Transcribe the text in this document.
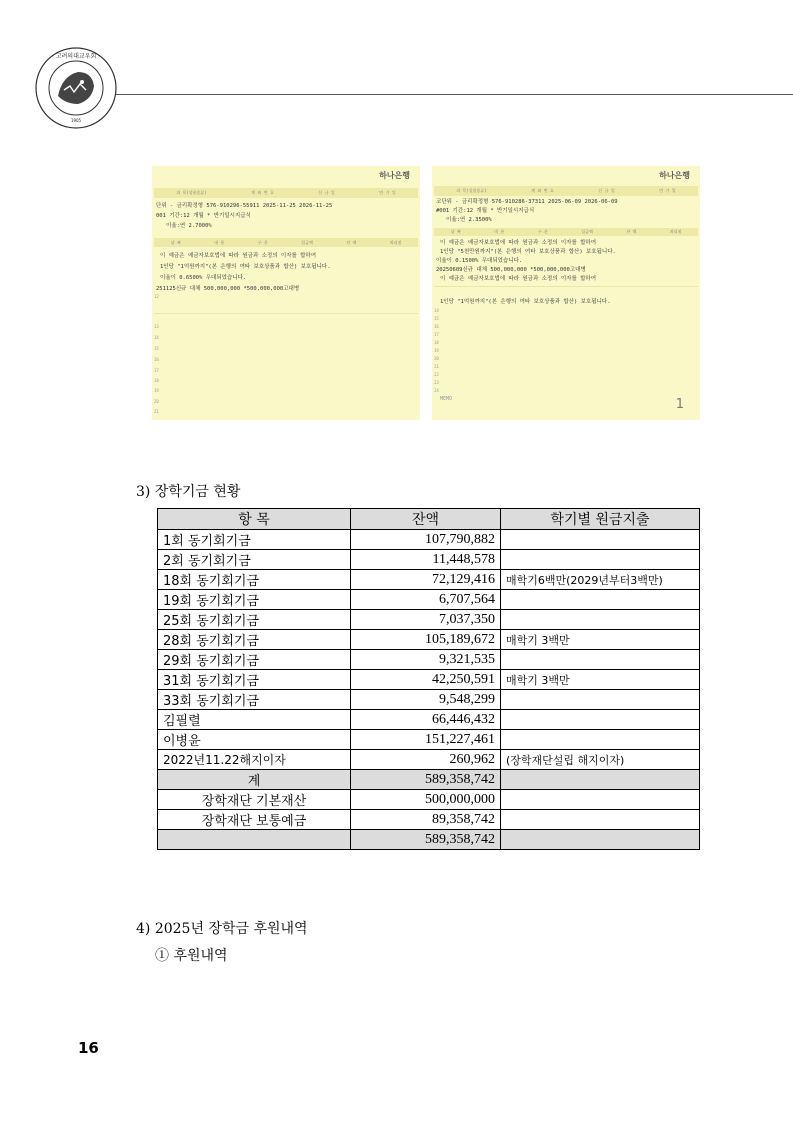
고려의대교우회
1905
하나은행
과 목(상품종류)	계 좌 번 호	신 규 일	만 기 일
단위 - 금리확정형 576-910296-55911 2025-11-25 2026-11-25
001 기간:12 개월 * 반기일시지급식
이율:연 2.7000%
날 짜	내 용	구 분	입금액	잔 액	처리점
이 예금은 예금자보호법에 따라 원금과 소정의 이자를 합하여
1인당 "1억원까지"(본 은행의 여타 보호상품과 합산) 보호됩니다.
이율이 0.6500% 우대되었습니다.
251125신규 대체 500,000,000 *500,000,000고대병
12
13
14
15
16
17
18
19
20
21
하나은행
과 목(상품종류)	계 좌 번 호	신 규 일	만 기 일
코단위 - 금리확정형 576-910286-37311 2025-06-09 2026-06-09
#001 기간:12 개월 * 반기일시지급식
이율:연 2.3500%
날 짜	내 용	구 분	입금액	잔 액	처리점
이 예금은 예금자보호법에 따라 원금과 소정의 이자를 합하여
1인당 "5천만원까지"(본 은행의 여타 보호상품과 합산) 보호됩니다.
이율이 0.1500% 우대되었습니다.
20250609신규 대체 500,000,000 *500,000,000고대병
이 예금은 예금자보호법에 따라 원금과 소정의 이자를 합하여
1인당 "1억원까지"(본 은행의 여타 보호상품과 합산) 보호됩니다.
14
15
16
17
18
19
20
21
22
23
24
MEMO	1
3) 장학기금 현황
항 목	잔액	학기별 원금지출
1회 동기회기금	107,790,882	
2회 동기회기금	11,448,578	
18회 동기회기금	72,129,416	매학기6백만(2029년부터3백만)
19회 동기회기금	6,707,564	
25회 동기회기금	7,037,350	
28회 동기회기금	105,189,672	매학기 3백만
29회 동기회기금	9,321,535	
31회 동기회기금	42,250,591	매학기 3백만
33회 동기회기금	9,548,299	
김필렬	66,446,432	
이병윤	151,227,461	
2022년11.22해지이자	260,962	(장학재단설립 해지이자)
계	589,358,742	
장학재단 기본재산	500,000,000	
장학재단 보통예금	89,358,742	
	589,358,742	
4) 2025년 장학금 후원내역
① 후원내역
16
